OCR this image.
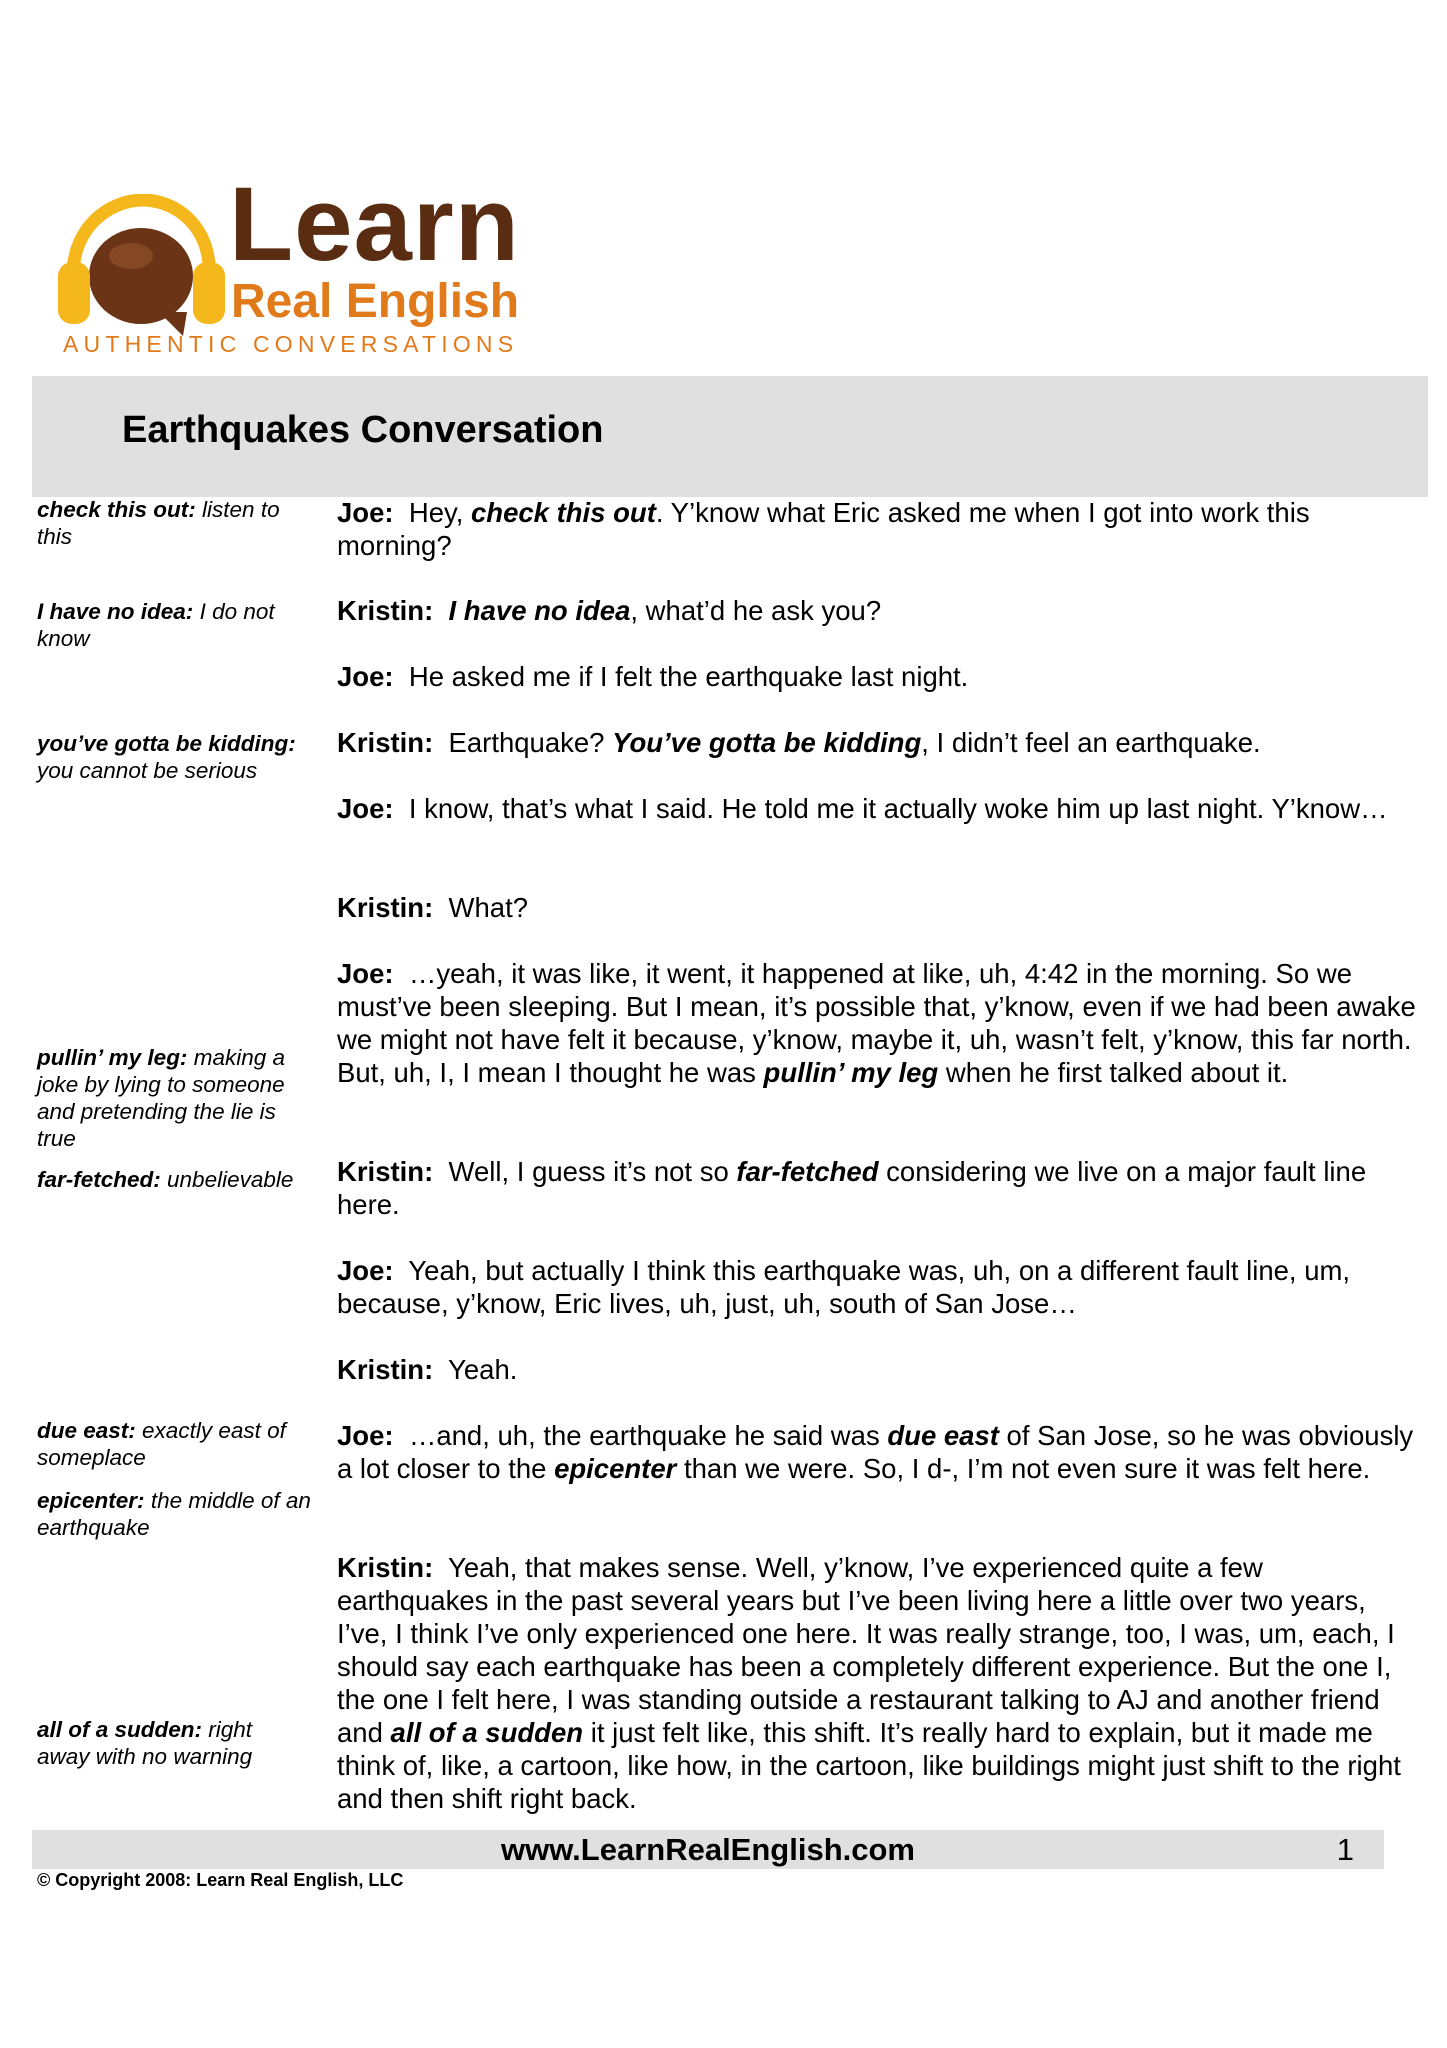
Learn
Real English
AUTHENTIC CONVERSATIONS
Earthquakes Conversation
check this out: listen to this
I have no idea: I do not know
you’ve gotta be kidding: you cannot be serious
pullin’ my leg: making a joke by lying to someone and pretending the lie is true
far-fetched: unbelievable
due east: exactly east of someplace
epicenter: the middle of an earthquake
all of a sudden: right away with no warning
Joe: Hey, check this out. Y’know what Eric asked me when I got into work this morning?
Kristin: I have no idea, what’d he ask you?
Joe: He asked me if I felt the earthquake last night.
Kristin: Earthquake? You’ve gotta be kidding, I didn’t feel an earthquake.
Joe: I know, that’s what I said. He told me it actually woke him up last night. Y’know…
Kristin: What?
Joe: …yeah, it was like, it went, it happened at like, uh, 4:42 in the morning. So we must’ve been sleeping. But I mean, it’s possible that, y’know, even if we had been awake we might not have felt it because, y’know, maybe it, uh, wasn’t felt, y’know, this far north. But, uh, I, I mean I thought he was pullin’ my leg when he first talked about it.
Kristin: Well, I guess it’s not so far-fetched considering we live on a major fault line here.
Joe: Yeah, but actually I think this earthquake was, uh, on a different fault line, um, because, y’know, Eric lives, uh, just, uh, south of San Jose…
Kristin: Yeah.
Joe: …and, uh, the earthquake he said was due east of San Jose, so he was obviously a lot closer to the epicenter than we were. So, I d-, I’m not even sure it was felt here.
Kristin: Yeah, that makes sense. Well, y’know, I’ve experienced quite a few earthquakes in the past several years but I’ve been living here a little over two years, I’ve, I think I’ve only experienced one here. It was really strange, too, I was, um, each, I should say each earthquake has been a completely different experience. But the one I, the one I felt here, I was standing outside a restaurant talking to AJ and another friend and all of a sudden it just felt like, this shift. It’s really hard to explain, but it made me think of, like, a cartoon, like how, in the cartoon, like buildings might just shift to the right and then shift right back.
www.LearnRealEnglish.com	1
© Copyright 2008: Learn Real English, LLC
